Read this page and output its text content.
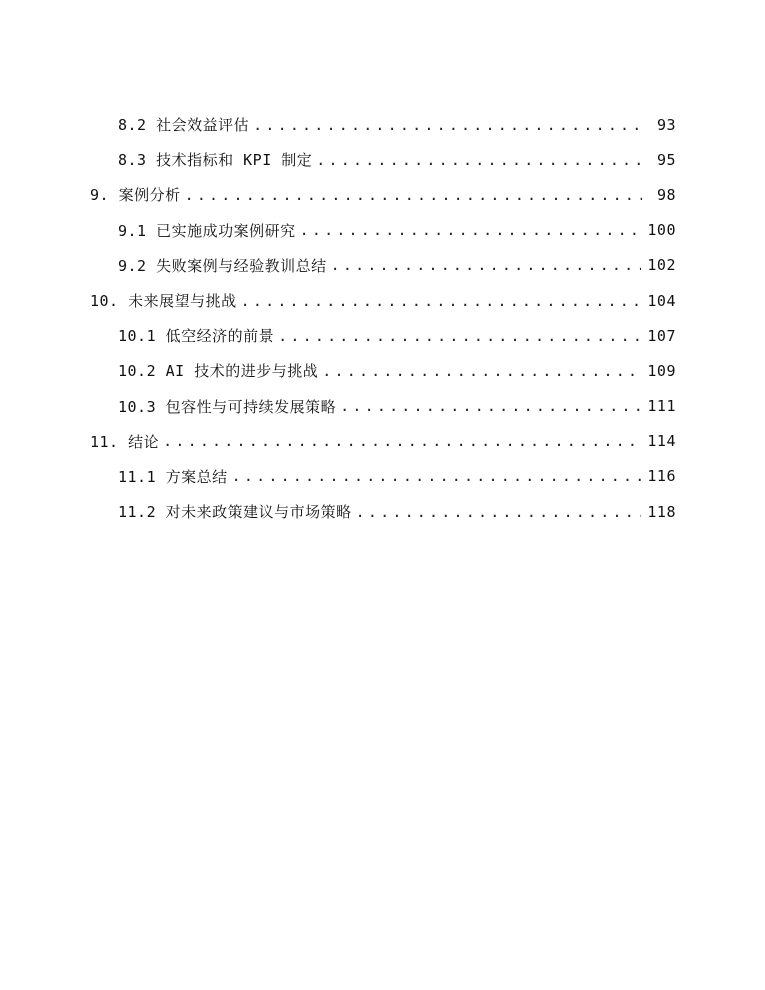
8.2 社会效益评估 .....	93
8.3 技术指标和 KPI 制定 .....	95
9. 案例分析 .....	98
9.1 已实施成功案例研究 .....	100
9.2 失败案例与经验教训总结 .....	102
10. 未来展望与挑战 .....	104
10.1 低空经济的前景 .....	107
10.2 AI 技术的进步与挑战 .....	109
10.3 包容性与可持续发展策略 .....	111
11. 结论 .....	114
11.1 方案总结 .....	116
11.2 对未来政策建议与市场策略 .....	118
